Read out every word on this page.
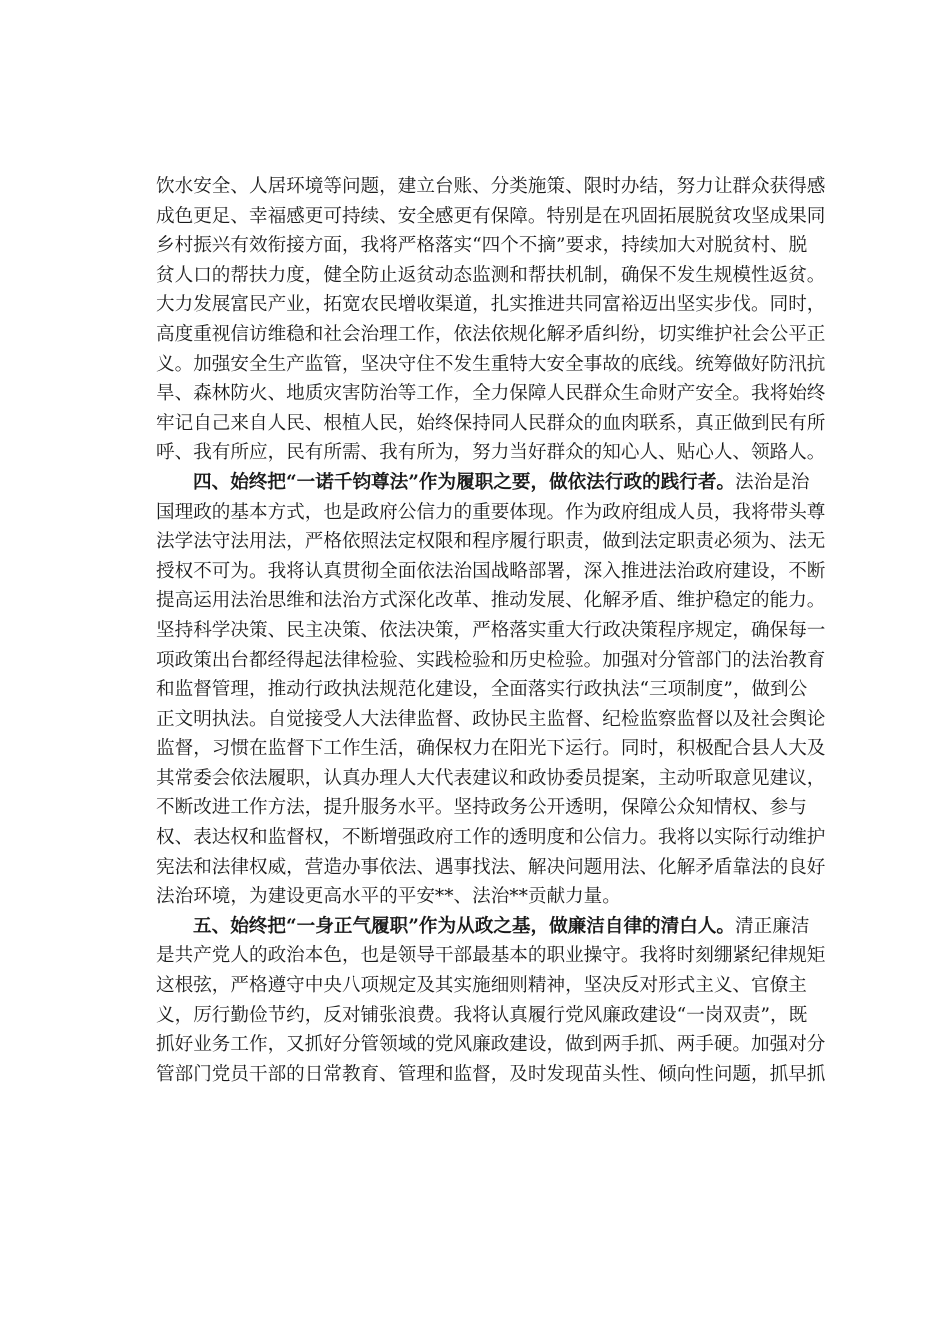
饮水安全、人居环境等问题，建立台账、分类施策、限时办结，努力让群众获得感
成色更足、幸福感更可持续、安全感更有保障。特别是在巩固拓展脱贫攻坚成果同
乡村振兴有效衔接方面，我将严格落实“四个不摘”要求，持续加大对脱贫村、脱
贫人口的帮扶力度，健全防止返贫动态监测和帮扶机制，确保不发生规模性返贫。
大力发展富民产业，拓宽农民增收渠道，扎实推进共同富裕迈出坚实步伐。同时，
高度重视信访维稳和社会治理工作，依法依规化解矛盾纠纷，切实维护社会公平正
义。加强安全生产监管，坚决守住不发生重特大安全事故的底线。统筹做好防汛抗
旱、森林防火、地质灾害防治等工作，全力保障人民群众生命财产安全。我将始终
牢记自己来自人民、根植人民，始终保持同人民群众的血肉联系，真正做到民有所
呼、我有所应，民有所需、我有所为，努力当好群众的知心人、贴心人、领路人。
四、始终把“一诺千钧尊法”作为履职之要，做依法行政的践行者。法治是治
国理政的基本方式，也是政府公信力的重要体现。作为政府组成人员，我将带头尊
法学法守法用法，严格依照法定权限和程序履行职责，做到法定职责必须为、法无
授权不可为。我将认真贯彻全面依法治国战略部署，深入推进法治政府建设，不断
提高运用法治思维和法治方式深化改革、推动发展、化解矛盾、维护稳定的能力。
坚持科学决策、民主决策、依法决策，严格落实重大行政决策程序规定，确保每一
项政策出台都经得起法律检验、实践检验和历史检验。加强对分管部门的法治教育
和监督管理，推动行政执法规范化建设，全面落实行政执法“三项制度”，做到公
正文明执法。自觉接受人大法律监督、政协民主监督、纪检监察监督以及社会舆论
监督，习惯在监督下工作生活，确保权力在阳光下运行。同时，积极配合县人大及
其常委会依法履职，认真办理人大代表建议和政协委员提案，主动听取意见建议，
不断改进工作方法，提升服务水平。坚持政务公开透明，保障公众知情权、参与
权、表达权和监督权，不断增强政府工作的透明度和公信力。我将以实际行动维护
宪法和法律权威，营造办事依法、遇事找法、解决问题用法、化解矛盾靠法的良好
法治环境，为建设更高水平的平安**、法治**贡献力量。
五、始终把“一身正气履职”作为从政之基，做廉洁自律的清白人。清正廉洁
是共产党人的政治本色，也是领导干部最基本的职业操守。我将时刻绷紧纪律规矩
这根弦，严格遵守中央八项规定及其实施细则精神，坚决反对形式主义、官僚主
义，厉行勤俭节约，反对铺张浪费。我将认真履行党风廉政建设“一岗双责”，既
抓好业务工作，又抓好分管领域的党风廉政建设，做到两手抓、两手硬。加强对分
管部门党员干部的日常教育、管理和监督，及时发现苗头性、倾向性问题，抓早抓
